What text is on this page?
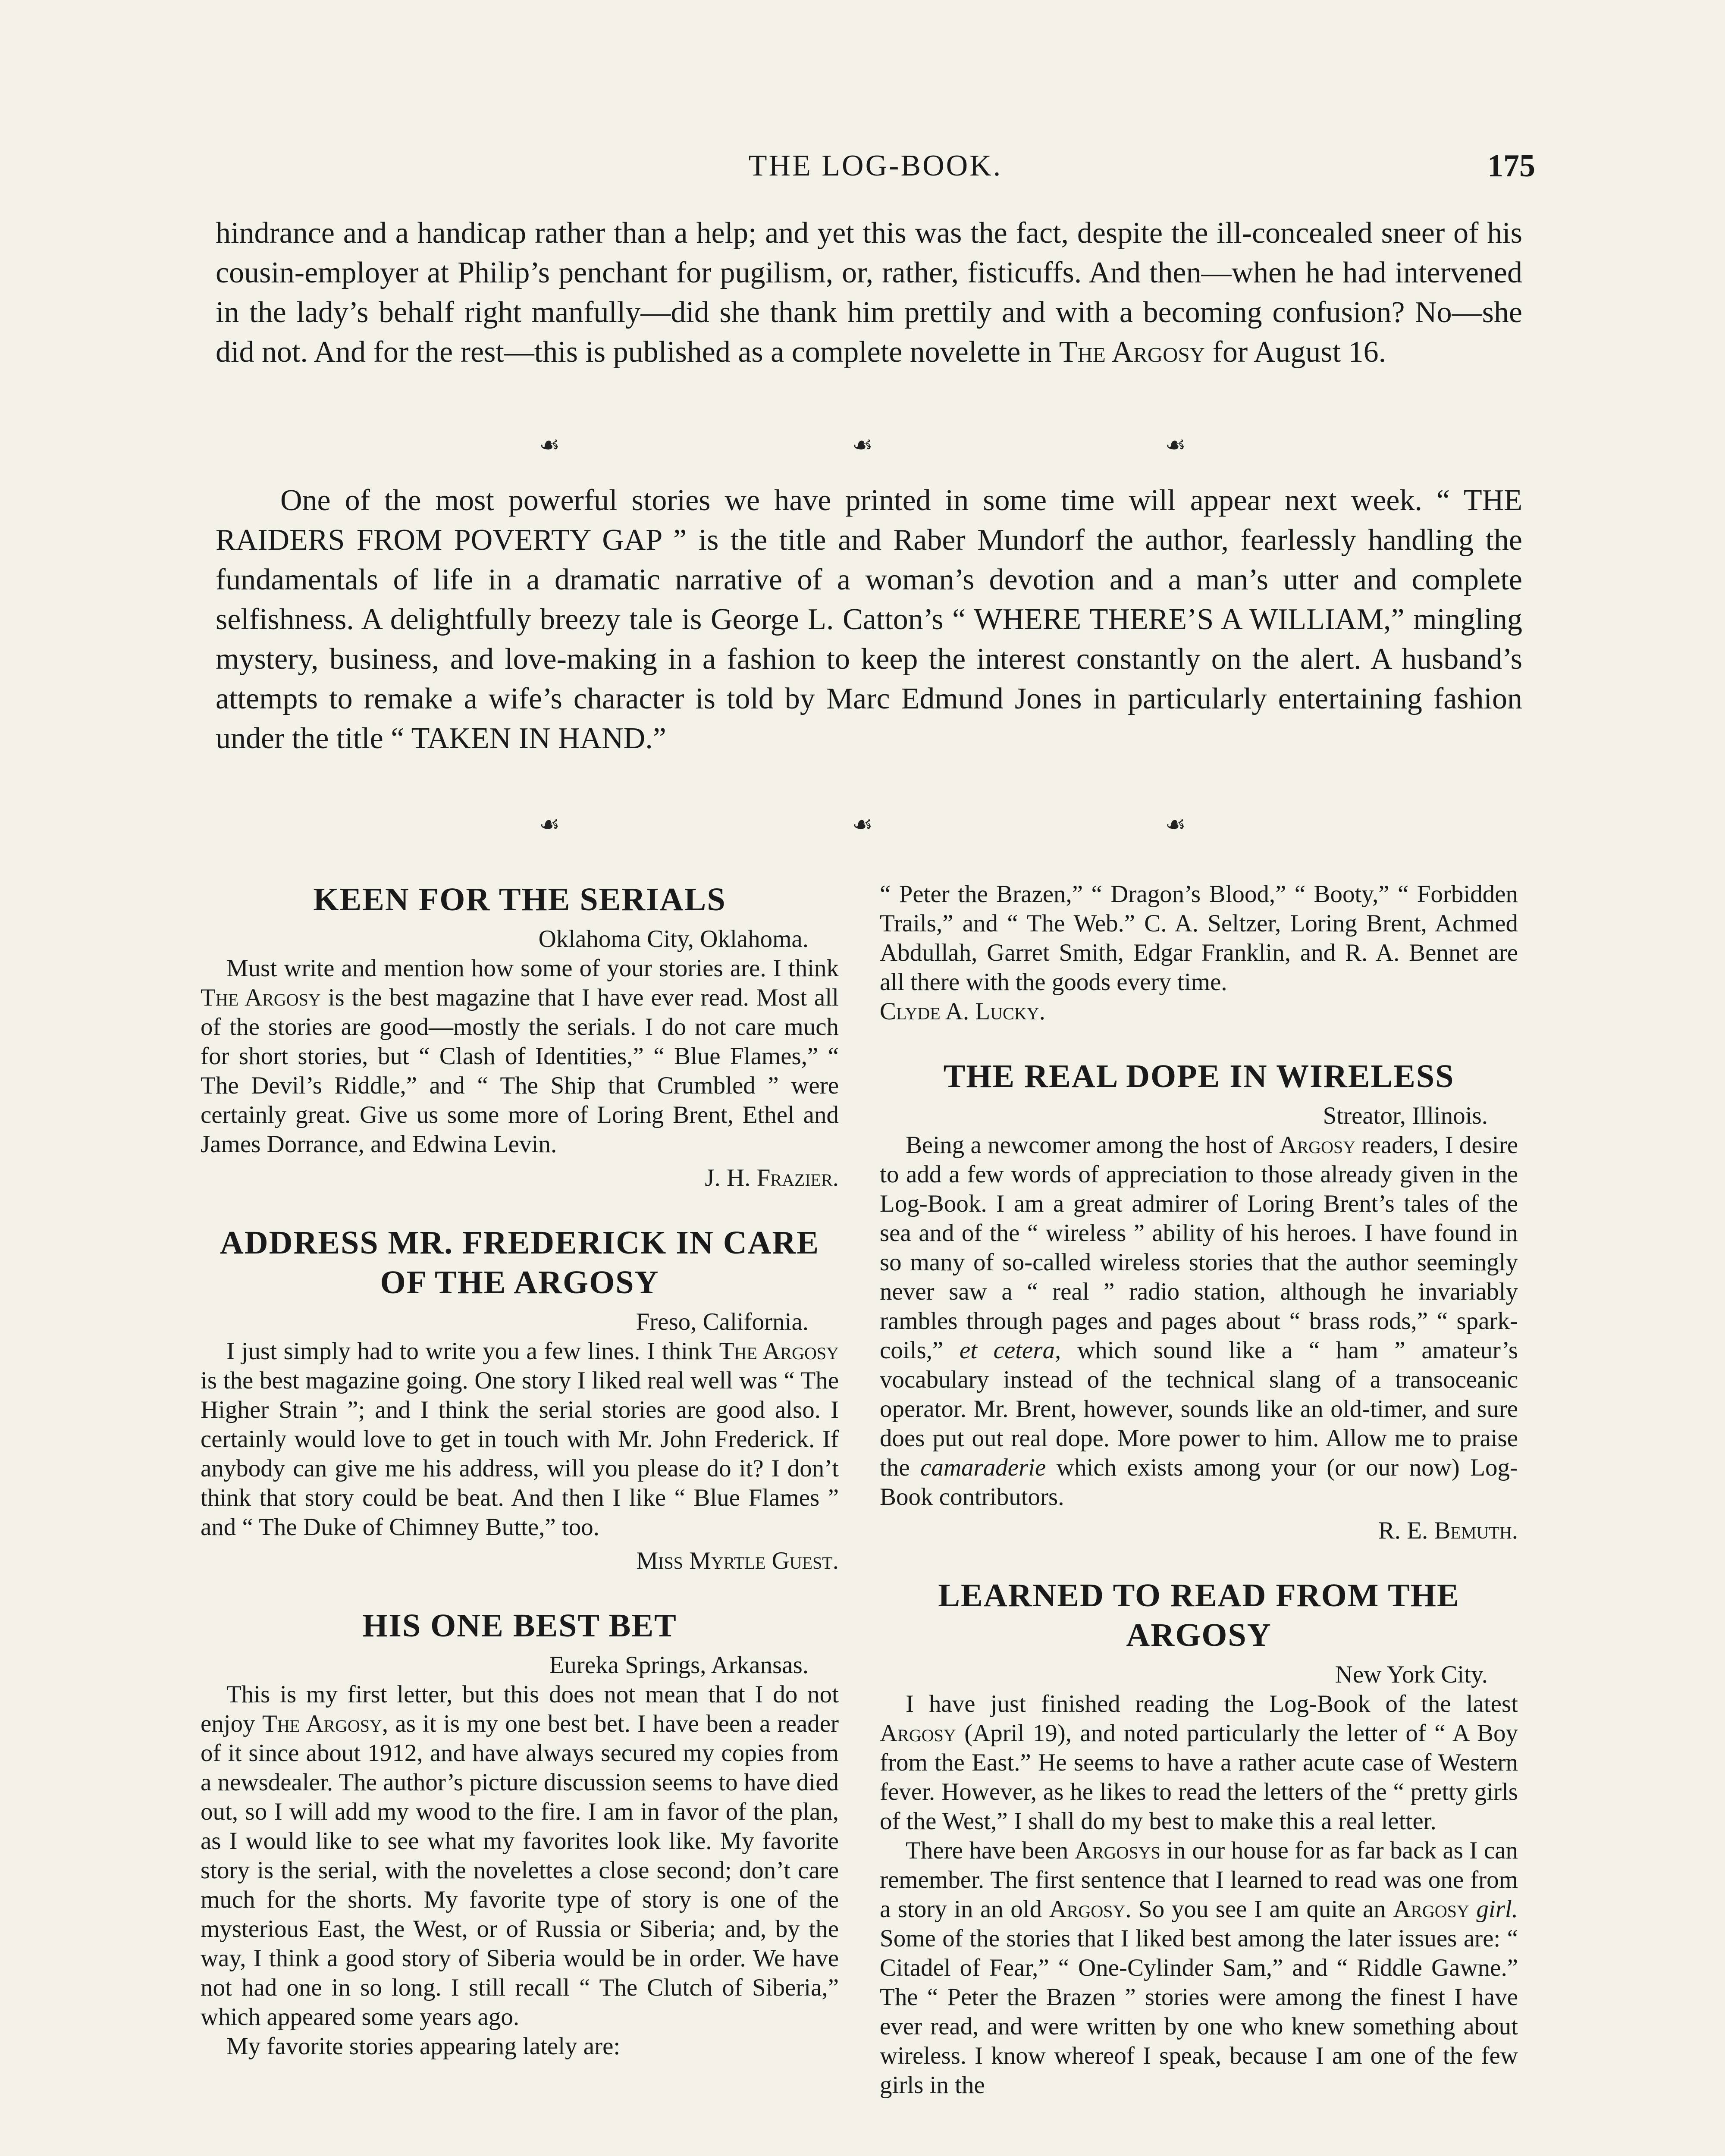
THE LOG-BOOK.	175

hindrance and a handicap rather than a help; and yet this was the fact, despite the ill-concealed sneer of his cousin-employer at Philip’s penchant for pugilism, or, rather, fisticuffs. And then—when he had intervened in the lady’s behalf right manfully—did she thank him prettily and with a becoming confusion? No—she did not. And for the rest—this is published as a complete novelette in The Argosy for August 16.

☙	☙	☙

One of the most powerful stories we have printed in some time will appear next week. “ THE RAIDERS FROM POVERTY GAP ” is the title and Raber Mundorf the author, fearlessly handling the fundamentals of life in a dramatic narrative of a woman’s devotion and a man’s utter and complete selfishness. A delightfully breezy tale is George L. Catton’s “ WHERE THERE’S A WILLIAM,” mingling mystery, business, and love-making in a fashion to keep the interest constantly on the alert. A husband’s attempts to remake a wife’s character is told by Marc Edmund Jones in particularly entertaining fashion under the title “ TAKEN IN HAND.”

☙	☙	☙
KEEN FOR THE SERIALS

Oklahoma City, Oklahoma.

Must write and mention how some of your stories are. I think The Argosy is the best magazine that I have ever read. Most all of the stories are good—mostly the serials. I do not care much for short stories, but “ Clash of Identities,” “ Blue Flames,” “ The Devil’s Riddle,” and “ The Ship that Crumbled ” were certainly great. Give us some more of Loring Brent, Ethel and James Dorrance, and Edwina Levin.

J. H. Frazier.

ADDRESS MR. FREDERICK IN CARE OF THE ARGOSY

Freso, California.

I just simply had to write you a few lines. I think The Argosy is the best magazine going. One story I liked real well was “ The Higher Strain ”; and I think the serial stories are good also. I certainly would love to get in touch with Mr. John Frederick. If anybody can give me his address, will you please do it? I don’t think that story could be beat. And then I like “ Blue Flames ” and “ The Duke of Chimney Butte,” too.

Miss Myrtle Guest.

HIS ONE BEST BET

Eureka Springs, Arkansas.

This is my first letter, but this does not mean that I do not enjoy The Argosy, as it is my one best bet. I have been a reader of it since about 1912, and have always secured my copies from a newsdealer. The author’s picture discussion seems to have died out, so I will add my wood to the fire. I am in favor of the plan, as I would like to see what my favorites look like. My favorite story is the serial, with the novelettes a close second; don’t care much for the shorts. My favorite type of story is one of the mysterious East, the West, or of Russia or Siberia; and, by the way, I think a good story of Siberia would be in order. We have not had one in so long. I still recall “ The Clutch of Siberia,” which appeared some years ago.

My favorite stories appearing lately are:

“ Peter the Brazen,” “ Dragon’s Blood,” “ Booty,” “ Forbidden Trails,” and “ The Web.” C. A. Seltzer, Loring Brent, Achmed Abdullah, Garret Smith, Edgar Franklin, and R. A. Bennet are all there with the goods every time.

Clyde A. Lucky.

THE REAL DOPE IN WIRELESS

Streator, Illinois.

Being a newcomer among the host of Argosy readers, I desire to add a few words of appreciation to those already given in the Log-Book. I am a great admirer of Loring Brent’s tales of the sea and of the “ wireless ” ability of his heroes. I have found in so many of so-called wireless stories that the author seemingly never saw a “ real ” radio station, although he invariably rambles through pages and pages about “ brass rods,” “ spark-coils,” et cetera, which sound like a “ ham ” amateur’s vocabulary instead of the technical slang of a transoceanic operator. Mr. Brent, however, sounds like an old-timer, and sure does put out real dope. More power to him. Allow me to praise the camaraderie which exists among your (or our now) Log-Book contributors.

R. E. Bemuth.

LEARNED TO READ FROM THE ARGOSY

New York City.

I have just finished reading the Log-Book of the latest Argosy (April 19), and noted particularly the letter of “ A Boy from the East.” He seems to have a rather acute case of Western fever. However, as he likes to read the letters of the “ pretty girls of the West,” I shall do my best to make this a real letter.

There have been Argosys in our house for as far back as I can remember. The first sentence that I learned to read was one from a story in an old Argosy. So you see I am quite an Argosy girl. Some of the stories that I liked best among the later issues are: “ Citadel of Fear,” “ One-Cylinder Sam,” and “ Riddle Gawne.” The “ Peter the Brazen ” stories were among the finest I have ever read, and were written by one who knew something about wireless. I know whereof I speak, because I am one of the few girls in the
